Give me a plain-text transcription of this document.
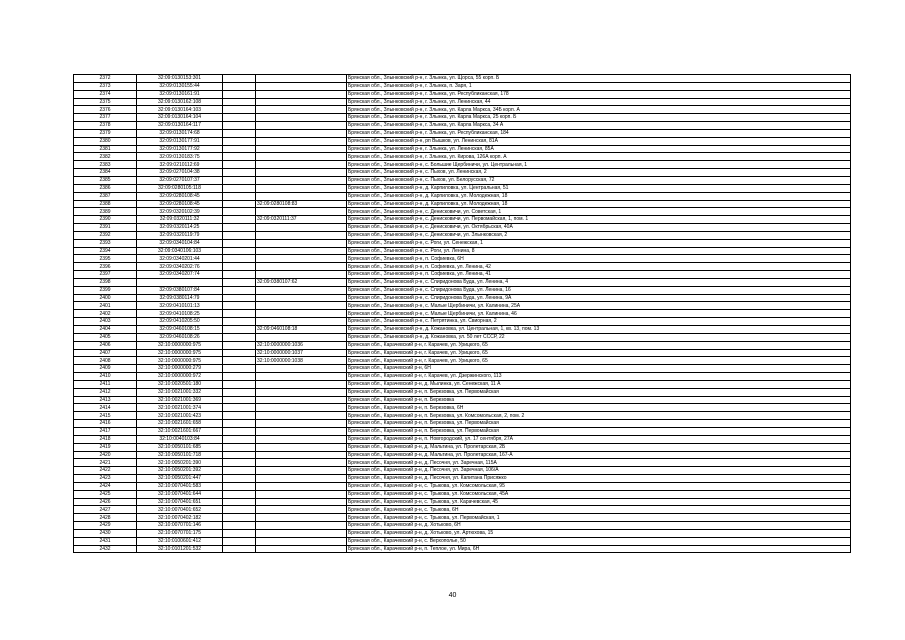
2372	32:09:0130153:301			Брянская обл., Злынковский р-н, г. Злынка, ул. Щорса, 55 корп. Б
2373	32:09:0130155:44			Брянская обл., Злынковский р-н, г. Злынка, п. Заря, 1
2374	32:09:0130161:91			Брянская обл., Злынковский р-н, г. Злынка, ул. Республиканская, 178
2375	32:09:0130162:108			Брянская обл., Злынковский р-н, г. Злынка, ул. Ленинская, 44
2376	32:09:0130164:103			Брянская обл., Злынковский р-н, г. Злынка, ул. Карла Маркса, 34Б корп. А
2377	32:09:0130164:104			Брянская обл., Злынковский р-н, г. Злынка, ул. Карла Маркса, 25 корп. Б
2378	32:09:0130164:117			Брянская обл., Злынковский р-н, г. Злынка, ул. Карла Маркса, 34 А
2379	32:09:0130174:68			Брянская обл., Злынковский р-н, г. Злынка, ул. Республиканская, 184
2380	32:09:0130177:91			Брянская обл., Злынковский р-н, рп Вышков, ул. Ленинская, 81А
2381	32:09:0130177:92			Брянская обл., Злынковский р-н, г. Злынка, ул. Ленинская, 85А
2382	32:09:0130183:75			Брянская обл., Злынковский р-н, г. Злынка, ул. Кирова, 126А корп. А
2383	32:09:0210112:69			Брянская обл., Злынковский р-н, с. Большие Щербиничи, ул. Центральная, 1
2384	32:09:0270104:38			Брянская обл., Злынковский р-н, с. Пыхов, ул. Ленинская, 2
2385	32:09:0270107:37			Брянская обл., Злынковский р-н, с. Пыхов, ул. Белорусская, 72
2386	32:09:0280105:118			Брянская обл., Злынковский р-н, д. Карпиловка, ул. Центральная, 51
2387	32:09:0280108:45			Брянская обл., Злынковский р-н, д. Карпиловка, ул. Молодежная, 18
2388	32:09:0280108:45		32:09:0280108:83	Брянская обл., Злынковский р-н, д. Карпиловка, ул. Молодежная, 18
2389	32:09:0320102:39			Брянская обл., Злынковский р-н, с. Денисковичи, ул. Советская, 1
2390	32:09:0320111:32		32:09:0320111:37	Брянская обл., Злынковский р-н, с. Денисковичи, ул. Первомайская, 1, пом. 1
2391	32:09:0320114:25			Брянская обл., Злынковский р-н, с. Денисковичи, ул. Октябрьская, 40А
2392	32:09:0320119:79			Брянская обл., Злынковский р-н, с. Денисковичи, ул. Злынковская, 2
2393	32:09:0340104:84			Брянская обл., Злынковский р-н, с. Роги, ул. Сенежская, 1
2394	32:09:0340106:103			Брянская обл., Злынковский р-н, с. Роги, ул. Ленина, 8
2395	32:09:0340201:44			Брянская обл., Злынковский р-н, п. Софиевка, 6Н
2396	32:09:0340202:76			Брянская обл., Злынковский р-н, п. Софиевка, ул. Ленина, 42
2397	32:09:0340207:74			Брянская обл., Злынковский р-н, п. Софиевка, ул. Ленина, 41
2398			32:09:0380107:62	Брянская обл., Злынковский р-н, с. Спиридонова Буда, ул. Ленина, 4
2399	32:09:0380107:84			Брянская обл., Злынковский р-н, с. Спиридонова Буда, ул. Ленина, 16
2400	32:09:0380114:79			Брянская обл., Злынковский р-н, с. Спиридонова Буда, ул. Ленина, 9А
2401	32:09:0410101:13			Брянская обл., Злынковский р-н, с. Малые Щербиничи, ул. Калинина, 25А
2402	32:09:0410108:25			Брянская обл., Злынковский р-н, с. Малые Щербиничи, ул. Калинина, 46
2403	32:09:0410205:50			Брянская обл., Злынковский р-н, с. Петрятинка, ул. Свиорная, 2
2404	32:09:0460108:15		32:09:0460108:18	Брянская обл., Злынковский р-н, д. Кожановка, ул. Центральная, 1, кв. 13, пом. 13
2405	32:09:0460108:26			Брянская обл., Злынковский р-н, д. Кожановка, ул. 50 лет СССР, 22
2406	32:10:0000000:975		32:10:0000000:1036	Брянская обл., Карачевский р-н, г. Карачев, ул. Урицкого, 65
2407	32:10:0000000:975		32:10:0000000:1037	Брянская обл., Карачевский р-н, г. Карачев, ул. Урицкого, 65
2408	32:10:0000000:975		32:10:0000000:1038	Брянская обл., Карачевский р-н, г. Карачев, ул. Урицкого, 65
2409	32:10:0000000:279			Брянская обл., Карачевский р-н, 6Н
2410	32:10:0000000:972			Брянская обл., Карачевский р-н, г. Карачев, ул. Дзержинского, 113
2411	32:10:0020501:180			Брянская обл., Карачевский р-н, д. Мылинка, ул. Сенежская, 11 А
2412	32:10:0021001:332			Брянская обл., Карачевский р-н, п. Березовка, ул. Первомайская
2413	32:10:0021001:369			Брянская обл., Карачевский р-н, п. Березовка
2414	32:10:0021001:374			Брянская обл., Карачевский р-н, п. Березовка, 6Н
2415	32:10:0021001:423			Брянская обл., Карачевский р-н, п. Березовка, ул. Комсомольская, 2, пом. 2
2416	32:10:0021601:658			Брянская обл., Карачевский р-н, п. Березовка, ул. Первомайская
2417	32:10:0021601:667			Брянская обл., Карачевский р-н, п. Березовка, ул. Первомайская
2418	32:10:0040103:84			Брянская обл., Карачевский р-н, п. Новгородский, ул. 17 сентября, 27А
2419	32:10:0050101:685			Брянская обл., Карачевский р-н, д. Мальтина, ул. Пролетарская, 2Б
2420	32:10:0050101:718			Брянская обл., Карачевский р-н, д. Мальтина, ул. Пролетарская, 167-А
2421	32:10:0050201:390			Брянская обл., Карачевский р-н, д. Песочня, ул. Заречная, 115А
2422	32:10:0050201:392			Брянская обл., Карачевский р-н, д. Песочня, ул. Заречная, 106/А
2423	32:10:0050201:447			Брянская обл., Карачевский р-н, д. Песочня, ул. Капитана Присяжко
2424	32:10:0070401:583			Брянская обл., Карачевский р-н, с. Трыкова, ул. Комсомольская, 95
2425	32:10:0070401:644			Брянская обл., Карачевский р-н, с. Трыкова, ул. Комсомольская, 45А
2426	32:10:0070401:651			Брянская обл., Карачевский р-н, с. Трыкова, ул. Карачевская, 45
2427	32:10:0070401:652			Брянская обл., Карачевский р-н, с. Трыкова, 6Н
2428	32:10:0070402:182			Брянская обл., Карачевский р-н, с. Трыкова, ул. Первомайская, 1
2429	32:10:0070701:146			Брянская обл., Карачевский р-н, д. Хотьково, 6Н
2430	32:10:0070701:175			Брянская обл., Карачевский р-н, д. Хотьково, ул. Артюхова, 15
2431	32:10:0100601:412			Брянская обл., Карачевский р-н, с. Верхополье, 50
2432	32:10:0101201:532			Брянская обл., Карачевский р-н, п. Теплое, ул. Мира, 6Н
40
